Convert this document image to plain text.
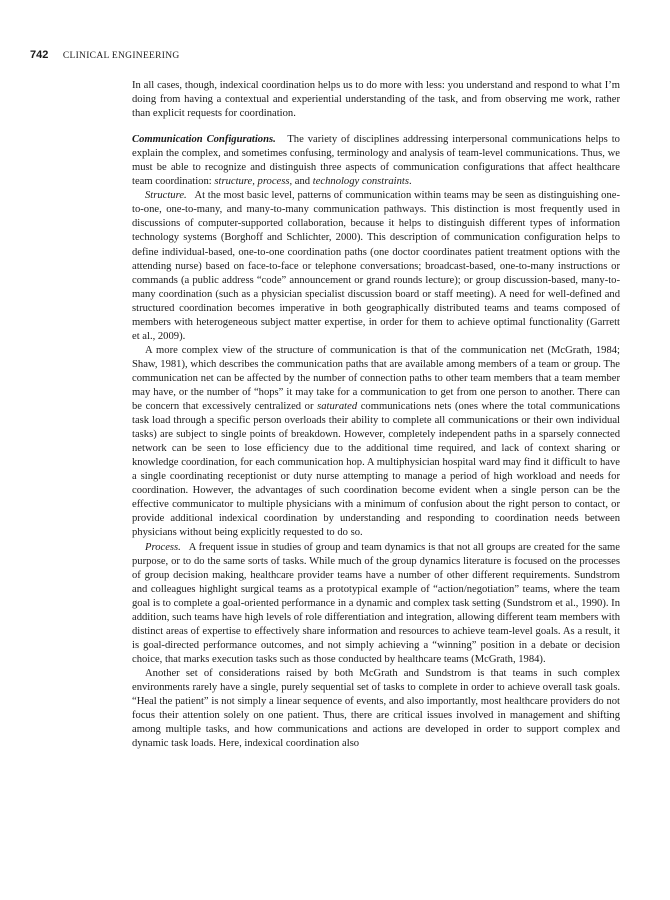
742 CLINICAL ENGINEERING

In all cases, though, indexical coordination helps us to do more with less: you understand and respond to what I’m doing from having a contextual and experiential understanding of the task, and from observing me work, rather than explicit requests for coordination.

Communication Configurations. The variety of disciplines addressing interpersonal communications helps to explain the complex, and sometimes confusing, terminology and analysis of team-level communications. Thus, we must be able to recognize and distinguish three aspects of communication configurations that affect healthcare team coordination: structure, process, and technology constraints.

Structure. At the most basic level, patterns of communication within teams may be seen as distinguishing one-to-one, one-to-many, and many-to-many communication pathways. This distinction is most frequently used in discussions of computer-supported collaboration, because it helps to distinguish different types of information technology systems (Borghoff and Schlichter, 2000). This description of communication configuration helps to define individual-based, one-to-one coordination paths (one doctor coordinates patient treatment options with the attending nurse) based on face-to-face or telephone conversations; broadcast-based, one-to-many instructions or commands (a public address “code” announcement or grand rounds lecture); or group discussion-based, many-to-many coordination (such as a physician specialist discussion board or staff meeting). A need for well-defined and structured coordination becomes imperative in both geographically distributed teams and teams composed of members with heterogeneous subject matter expertise, in order for them to achieve optimal functionality (Garrett et al., 2009).

A more complex view of the structure of communication is that of the communication net (McGrath, 1984; Shaw, 1981), which describes the communication paths that are available among members of a team or group. The communication net can be affected by the number of connection paths to other team members that a team member may have, or the number of “hops” it may take for a communication to get from one person to another. There can be concern that excessively centralized or saturated communications nets (ones where the total communications task load through a specific person overloads their ability to complete all communications or their own individual tasks) are subject to single points of breakdown. However, completely independent paths in a sparsely connected network can be seen to lose efficiency due to the additional time required, and lack of context sharing or knowledge coordination, for each communication hop. A multiphysician hospital ward may find it difficult to have a single coordinating receptionist or duty nurse attempting to manage a period of high workload and needs for coordination. However, the advantages of such coordination become evident when a single person can be the effective communicator to multiple physicians with a minimum of confusion about the right person to contact, or provide additional indexical coordination by understanding and responding to coordination needs between physicians without being explicitly requested to do so.

Process. A frequent issue in studies of group and team dynamics is that not all groups are created for the same purpose, or to do the same sorts of tasks. While much of the group dynamics literature is focused on the processes of group decision making, healthcare provider teams have a number of other different requirements. Sundstrom and colleagues highlight surgical teams as a prototypical example of “action/negotiation” teams, where the team goal is to complete a goal-oriented performance in a dynamic and complex task setting (Sundstrom et al., 1990). In addition, such teams have high levels of role differentiation and integration, allowing different team members with distinct areas of expertise to effectively share information and resources to achieve team-level goals. As a result, it is goal-directed performance outcomes, and not simply achieving a “winning” position in a debate or decision choice, that marks execution tasks such as those conducted by healthcare teams (McGrath, 1984).

Another set of considerations raised by both McGrath and Sundstrom is that teams in such complex environments rarely have a single, purely sequential set of tasks to complete in order to achieve overall task goals. “Heal the patient” is not simply a linear sequence of events, and also importantly, most healthcare providers do not focus their attention solely on one patient. Thus, there are critical issues involved in management and shifting among multiple tasks, and how communications and actions are developed in order to support complex and dynamic task loads. Here, indexical coordination also
